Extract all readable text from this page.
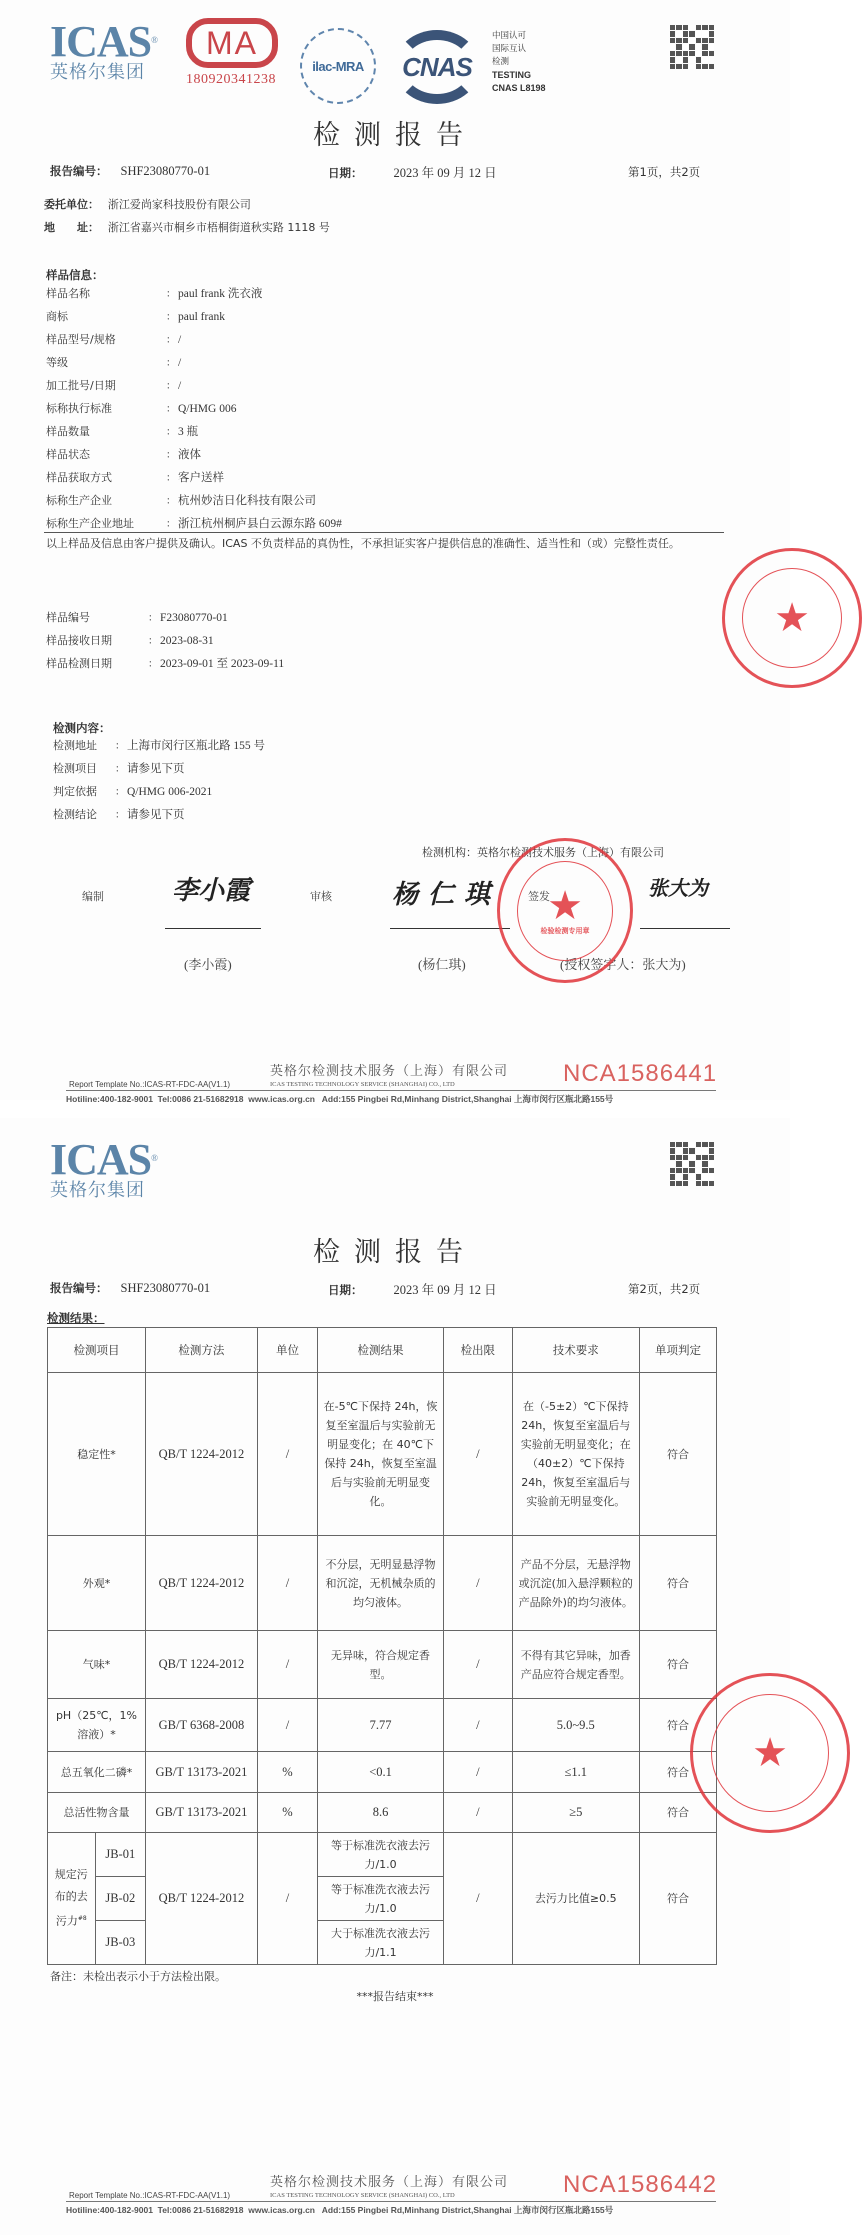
ICAS®
英格尔集团
MA
180920341238
ilac-MRA	CNAS
中国认可
国际互认
检测
TESTING
CNAS L8198
检测报告
报告编号： SHF23080770-01	日期： 2023 年 09 月 12 日	第1页，共2页
委托单位： 浙江爱尚家科技股份有限公司
地　　址： 浙江省嘉兴市桐乡市梧桐街道秋实路 1118 号
样品信息：
样品名称	： paul frank 洗衣液
商标	： paul frank
样品型号/规格	： /
等级	： /
加工批号/日期	： /
标称执行标准	： Q/HMG 006
样品数量	： 3 瓶
样品状态	： 液体
样品获取方式	： 客户送样
标称生产企业	： 杭州妙洁日化科技有限公司
标称生产企业地址	： 浙江杭州桐庐县白云源东路 609#
以上样品及信息由客户提供及确认。ICAS 不负责样品的真伪性，不承担证实客户提供信息的准确性、适当性和（或）完整性责任。
样品编号	： F23080770-01
样品接收日期	： 2023-08-31
样品检测日期	： 2023-09-01 至 2023-09-11
检测内容：
检测地址 ： 上海市闵行区瓶北路 155 号
检测项目 ： 请参见下页
判定依据 ： Q/HMG 006-2021
检测结论 ： 请参见下页
检测机构：英格尔检测技术服务（上海）有限公司
编制	李小霞
(李小霞)
审核 杨仁琪
(杨仁琪)
签发	张大为
(授权签字人：张大为)
★
检验检测专用章
★
Report Template No.:ICAS-RT-FDC-AA(V1.1)
英格尔检测技术服务（上海）有限公司
ICAS TESTING TECHNOLOGY SERVICE (SHANGHAI) CO., LTD	NCA1586441
Hotiline:400-182-9001  Tel:0086 21-51682918  www.icas.org.cn   Add:155 Pingbei Rd,Minhang District,Shanghai 上海市闵行区瓶北路155号
ICAS®
英格尔集团
检测报告
报告编号： SHF23080770-01	日期： 2023 年 09 月 12 日	第2页，共2页
检测结果：
检测项目		检测方法	单位	检测结果	检出限	技术要求	单项判定
稳定性*		QB/T 1224-2012	/	在-5℃下保持 24h，恢复至室温后与实验前无明显变化；在 40℃下保持 24h，恢复至室温后与实验前无明显变化。	/	在（-5±2）℃下保持 24h，恢复至室温后与实验前无明显变化；在（40±2）℃下保持 24h，恢复至室温后与实验前无明显变化。	符合
外观*		QB/T 1224-2012	/	不分层，无明显悬浮物和沉淀，无机械杂质的均匀液体。	/	产品不分层，无悬浮物或沉淀(加入悬浮颗粒的产品除外)的均匀液体。	符合
气味*		QB/T 1224-2012	/	无异味，符合规定香型。	/	不得有其它异味，加香产品应符合规定香型。	符合
pH（25℃，1%溶液）*		GB/T 6368-2008	/	7.77	/	5.0~9.5	符合
总五氧化二磷*		GB/T 13173-2021	%	<0.1	/	≤1.1	符合
总活性物含量		GB/T 13173-2021	%	8.6	/	≥5	符合
规定污布的去污力$^{\#8}$	JB-01	QB/T 1224-2012	/	等于标准洗衣液去污力/1.0	/	去污力比值≥0.5	符合
	JB-02			等于标准洗衣液去污力/1.0			
	JB-03			大于标准洗衣液去污力/1.1			
备注：未检出表示小于方法检出限。
***报告结束***
★
Report Template No.:ICAS-RT-FDC-AA(V1.1)
英格尔检测技术服务（上海）有限公司
ICAS TESTING TECHNOLOGY SERVICE (SHANGHAI) CO., LTD	NCA1586442
Hotiline:400-182-9001  Tel:0086 21-51682918  www.icas.org.cn   Add:155 Pingbei Rd,Minhang District,Shanghai 上海市闵行区瓶北路155号
